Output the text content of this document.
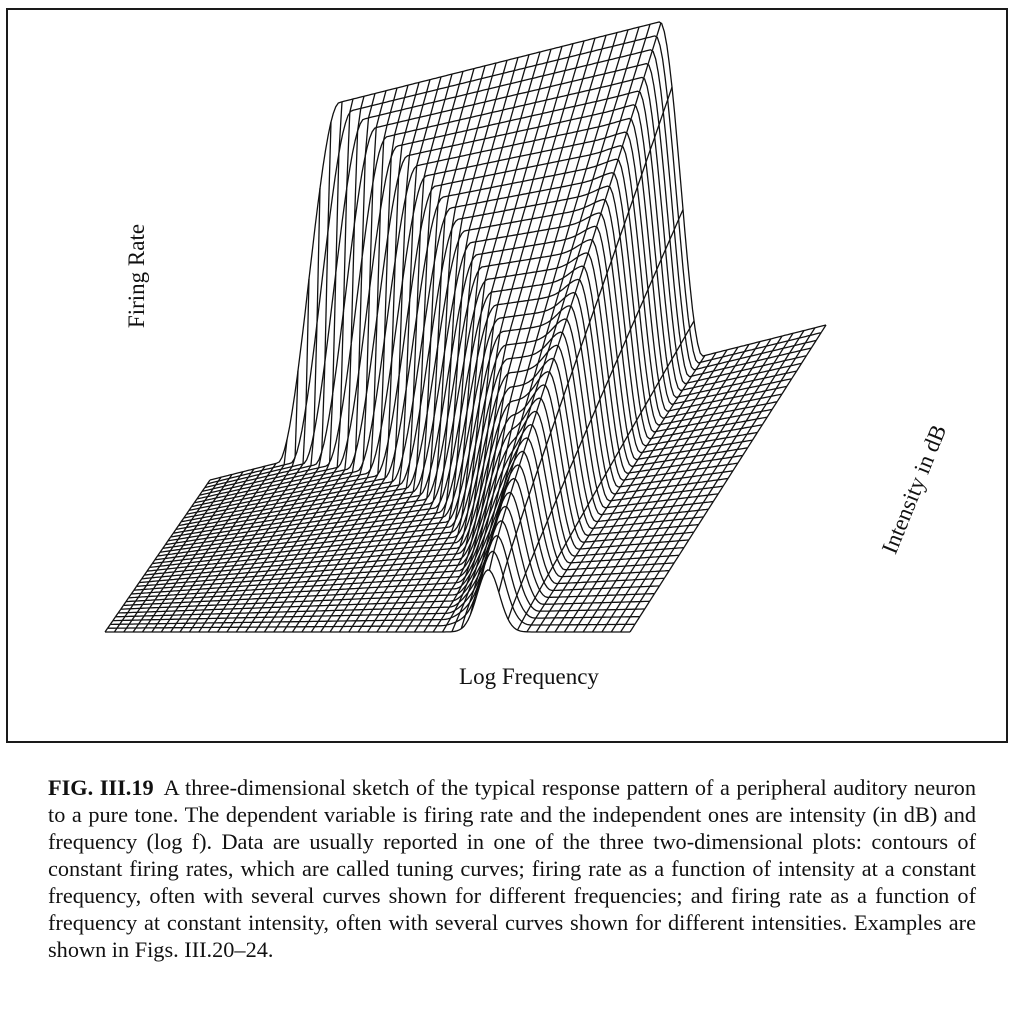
Firing Rate
Log Frequency
Intensity in dB
FIG. III.19 A three-dimensional sketch of the typical response pattern of a peripheral auditory neuron to a pure tone. The dependent variable is firing rate and the independent ones are intensity (in dB) and frequency (log f). Data are usually reported in one of the three two-dimensional plots: contours of constant firing rates, which are called tuning curves; firing rate as a function of intensity at a constant frequency, often with several curves shown for different frequencies; and firing rate as a function of frequency at constant intensity, often with several curves shown for different intensities. Examples are shown in Figs. III.20–24.
